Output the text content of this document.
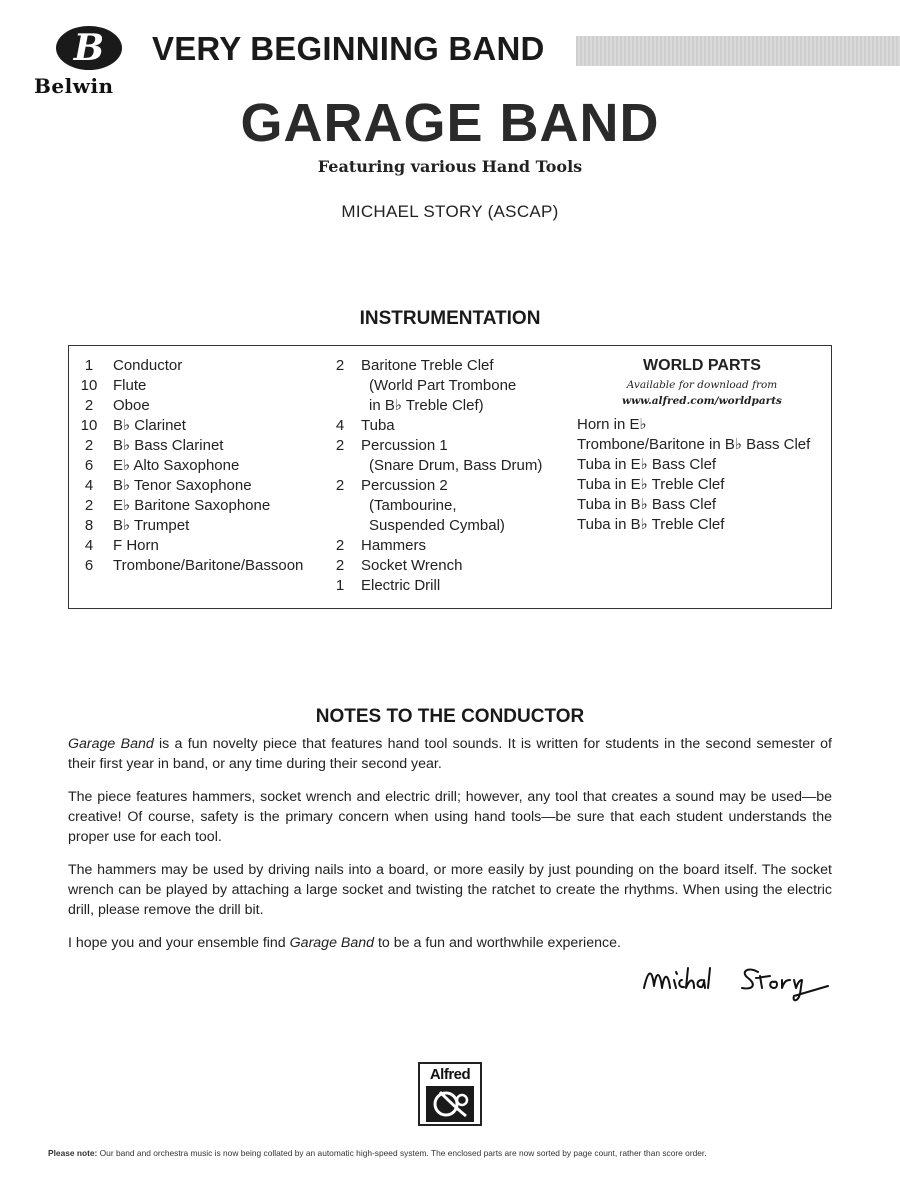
B
Belwin
VERY BEGINNING BAND
GARAGE BAND
Featuring various Hand Tools
MICHAEL STORY (ASCAP)
INSTRUMENTATION
1	Conductor
10	Flute
2	Oboe
10	B♭ Clarinet
2	B♭ Bass Clarinet
6	E♭ Alto Saxophone
4	B♭ Tenor Saxophone
2	E♭ Baritone Saxophone
8	B♭ Trumpet
4	F Horn
6	Trombone/Baritone/Bassoon
2	Baritone Treble Clef
(World Part Trombone
in B♭ Treble Clef)
4	Tuba
2	Percussion 1
(Snare Drum, Bass Drum)
2	Percussion 2
(Tambourine,
Suspended Cymbal)
2	Hammers
2	Socket Wrench
1	Electric Drill
WORLD PARTS
Available for download from
www.alfred.com/worldparts
Horn in E♭
Trombone/Baritone in B♭ Bass Clef
Tuba in E♭ Bass Clef
Tuba in E♭ Treble Clef
Tuba in B♭ Bass Clef
Tuba in B♭ Treble Clef
NOTES TO THE CONDUCTOR

Garage Band is a fun novelty piece that features hand tool sounds. It is written for students in the second semester of their first year in band, or any time during their second year.

The piece features hammers, socket wrench and electric drill; however, any tool that creates a sound may be used—be creative! Of course, safety is the primary concern when using hand tools—be sure that each student understands the proper use for each tool.

The hammers may be used by driving nails into a board, or more easily by just pounding on the board itself. The socket wrench can be played by attaching a large socket and twisting the ratchet to create the rhythms. When using the electric drill, please remove the drill bit.

I hope you and your ensemble find Garage Band to be a fun and worthwhile experience.

Alfred
Please note: Our band and orchestra music is now being collated by an automatic high-speed system. The enclosed parts are now sorted by page count, rather than score order.
